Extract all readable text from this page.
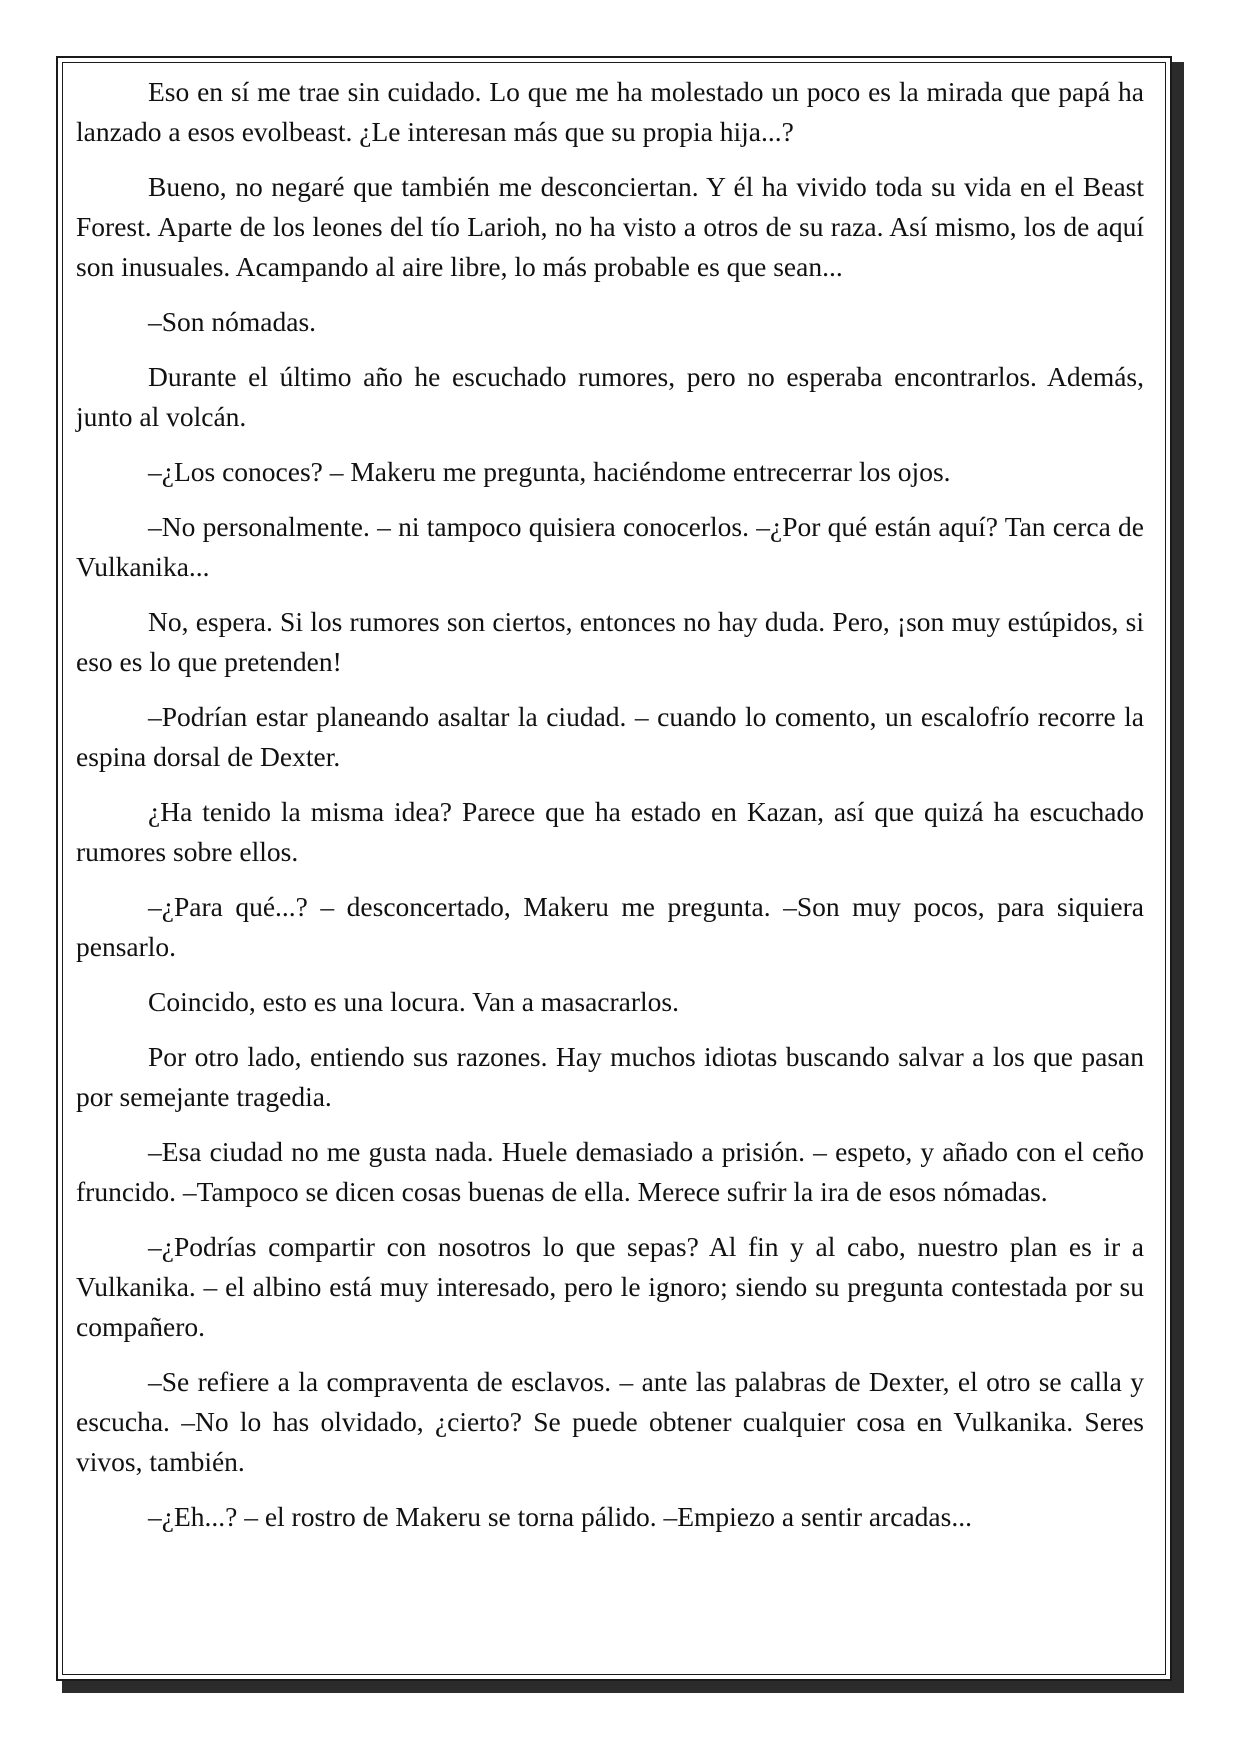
Eso en sí me trae sin cuidado. Lo que me ha molestado un poco es la mirada que papá ha lanzado a esos evolbeast. ¿Le interesan más que su propia hija...?

Bueno, no negaré que también me desconciertan. Y él ha vivido toda su vida en el Beast Forest. Aparte de los leones del tío Larioh, no ha visto a otros de su raza. Así mismo, los de aquí son inusuales. Acampando al aire libre, lo más probable es que sean...

–Son nómadas.

Durante el último año he escuchado rumores, pero no esperaba encontrarlos. Además, junto al volcán.

–¿Los conoces? – Makeru me pregunta, haciéndome entrecerrar los ojos.

–No personalmente. – ni tampoco quisiera conocerlos. –¿Por qué están aquí? Tan cerca de Vulkanika...

No, espera. Si los rumores son ciertos, entonces no hay duda. Pero, ¡son muy estúpidos, si eso es lo que pretenden!

–Podrían estar planeando asaltar la ciudad. – cuando lo comento, un escalofrío recorre la espina dorsal de Dexter.

¿Ha tenido la misma idea? Parece que ha estado en Kazan, así que quizá ha escuchado rumores sobre ellos.

–¿Para qué...? – desconcertado, Makeru me pregunta. –Son muy pocos, para siquiera pensarlo.

Coincido, esto es una locura. Van a masacrarlos.

Por otro lado, entiendo sus razones. Hay muchos idiotas buscando salvar a los que pasan por semejante tragedia.

–Esa ciudad no me gusta nada. Huele demasiado a prisión. – espeto, y añado con el ceño fruncido. –Tampoco se dicen cosas buenas de ella. Merece sufrir la ira de esos nómadas.

–¿Podrías compartir con nosotros lo que sepas? Al fin y al cabo, nuestro plan es ir a Vulkanika. – el albino está muy interesado, pero le ignoro; siendo su pregunta contestada por su compañero.

–Se refiere a la compraventa de esclavos. – ante las palabras de Dexter, el otro se calla y escucha. –No lo has olvidado, ¿cierto? Se puede obtener cualquier cosa en Vulkanika. Seres vivos, también.

–¿Eh...? – el rostro de Makeru se torna pálido. –Empiezo a sentir arcadas...
